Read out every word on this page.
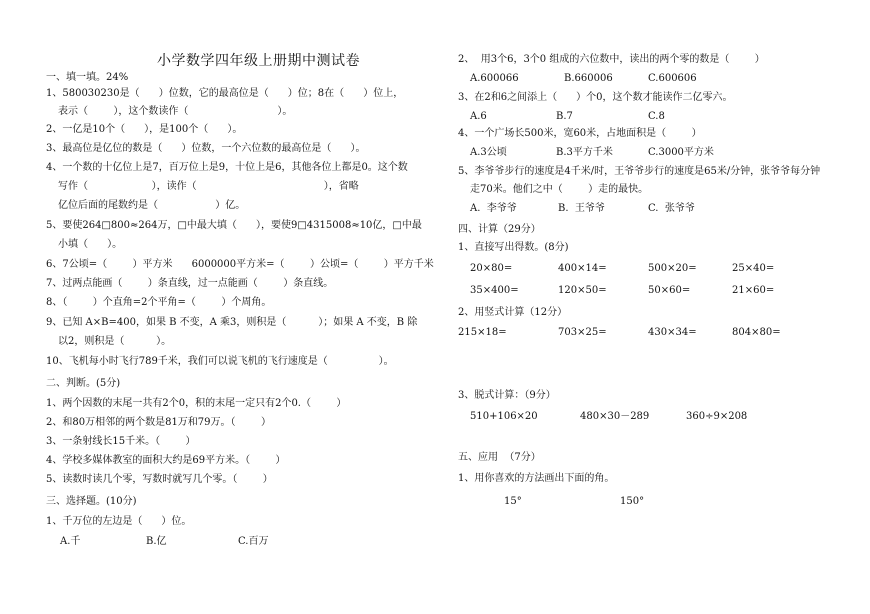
小学数学四年级上册期中测试卷
一、填一填。24%
1、580030230是（      ）位数，它的最高位是（      ）位；8在（      ）位上，
表示（        ），这个数读作（                            ）。
2、一亿是10个（      ），是100个（      ）。
3、最高位是亿位的数是（      ）位数，一个六位数的最高位是（      ）。
4、一个数的十亿位上是7，百万位上是9，十位上是6，其他各位上都是0。这个数
写作（                    ），读作（                                        ），省略
亿位后面的尾数约是（                  ）亿。
5、要使264□800≈264万，□中最大填（      ），要使9□4315008≈10亿，□中最
小填（      ）。
6、7公顷=（        ）平方米      6000000平方米=（        ）公顷=（        ）平方千米
7、过两点能画（        ）条直线，过一点能画（        ）条直线。
8、（        ）个直角=2个平角=（        ）个周角。
9、已知 A×B=400，如果 B 不变，A 乘3，则积是（          ）；如果 A 不变，B 除
以2，则积是（          ）。
10、飞机每小时飞行789千米，我们可以说飞机的飞行速度是（                ）。
二、判断。(5分)
1、两个因数的末尾一共有2个0，积的末尾一定只有2个0.（        ）
2、和80万相邻的两个数是81万和79万。（        ）
3、一条射线长15千米。（        ）
4、学校多媒体教室的面积大约是69平方米。（        ）
5、读数时读几个零，写数时就写几个零。（        ）
三、选择题。(10分)
1、千万位的左边是（      ）位。
A.千	B.亿	C.百万
2、  用3个6，3个0 组成的六位数中，读出的两个零的数是（        ）
A.600066	B.660006	C.600606
3、在2和6之间添上（      ）个0，这个数才能读作二亿零六。
A.6	B.7	C.8
4、一个广场长500米，宽60米，占地面积是（        ）
A.3公顷	B.3平方千米	C.3000平方米
5、李爷爷步行的速度是4千米/时，王爷爷步行的速度是65米/分钟，张爷爷每分钟
走70米。他们之中（        ）走的最快。
A.  李爷爷	B.  王爷爷	C.  张爷爷
四、计算（29分）
1、直接写出得数。(8分)
20×80=	400×14=	500×20=	25×40=
35×400=	120×50=	50×60=	21×60=
2、用竖式计算（12分）
215×18=	703×25=	430×34=	804×80=
3、脱式计算：（9分）
510+106×20	480×30－289	360÷9×208
五、应用  （7分）
1、用你喜欢的方法画出下面的角。
15°	150°
